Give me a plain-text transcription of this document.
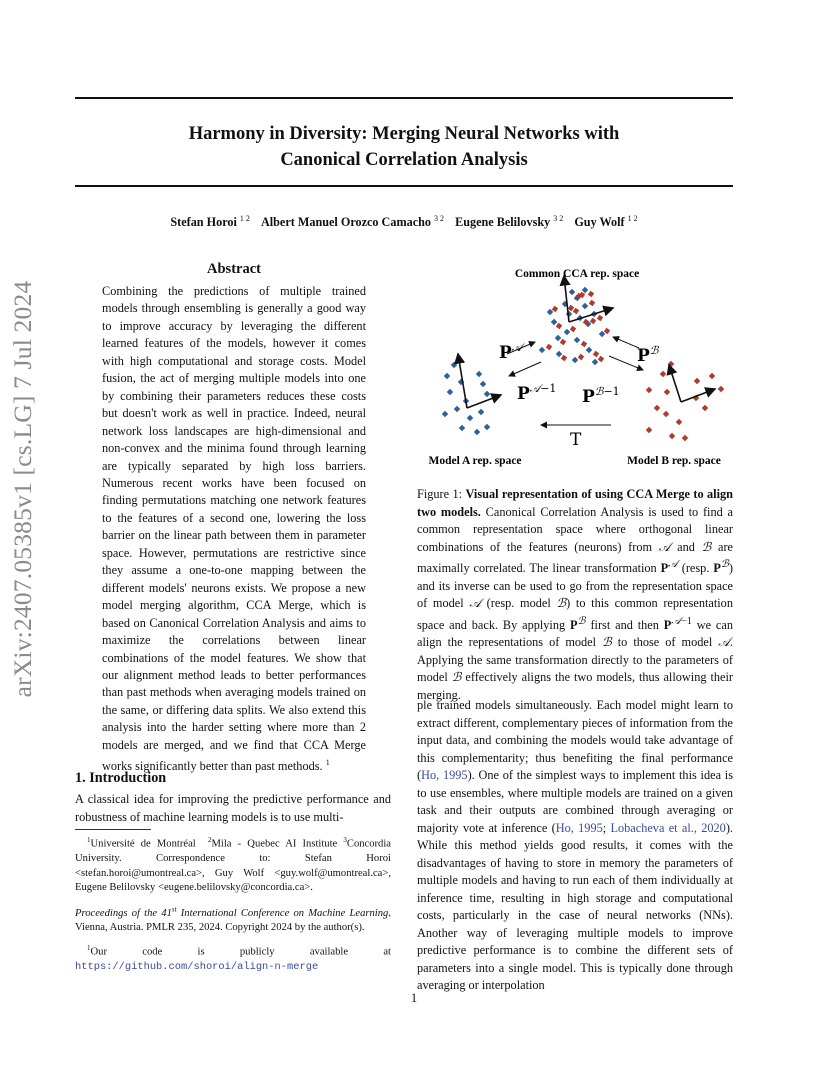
Harmony in Diversity: Merging Neural Networks with
Canonical Correlation Analysis
Stefan Horoi $^{1 2}$ Albert Manuel Orozco Camacho $^{3 2}$ Eugene Belilovsky $^{3 2}$ Guy Wolf $^{1 2}$
arXiv:2407.05385v1 [cs.LG] 7 Jul 2024
Abstract
Combining the predictions of multiple trained models through ensembling is generally a good way to improve accuracy by leveraging the different learned features of the models, however it comes with high computational and storage costs. Model fusion, the act of merging multiple models into one by combining their parameters reduces these costs but doesn't work as well in practice. Indeed, neural network loss landscapes are high-dimensional and non-convex and the minima found through learning are typically separated by high loss barriers. Numerous recent works have been focused on finding permutations matching one network features to the features of a second one, lowering the loss barrier on the linear path between them in parameter space. However, permutations are restrictive since they assume a one-to-one mapping between the different models' neurons exists. We propose a new model merging algorithm, CCA Merge, which is based on Canonical Correlation Analysis and aims to maximize the correlations between linear combinations of the model features. We show that our alignment method leads to better performances than past methods when averaging models trained on the same, or differing data splits. We also extend this analysis into the harder setting where more than 2 models are merged, and we find that CCA Merge works significantly better than past methods. $^1$
1. Introduction
A classical idea for improving the predictive performance and robustness of machine learning models is to use multi-
$^1$Université de Montréal $^2$Mila - Quebec AI Institute $^3$Concordia University. Correspondence to: Stefan Horoi <stefan.horoi@umontreal.ca>, Guy Wolf <guy.wolf@umontreal.ca>, Eugene Belilovsky <eugene.belilovsky@concordia.ca>.
Proceedings of the 41st International Conference on Machine Learning, Vienna, Austria. PMLR 235, 2024. Copyright 2024 by the author(s).
$^1$Our code is publicly available at https://github.com/shoroi/align-n-merge
$P^𝒜$
$P^{𝒜-1}$
$P^ℬ$
$P^{ℬ-1}$
T
Common CCA rep. space
Model A rep. space	Model B rep. space
Figure 1: Visual representation of using CCA Merge to align two models. Canonical Correlation Analysis is used to find a common representation space where orthogonal linear combinations of the features (neurons) from 𝒜 and ℬ are maximally correlated. The linear transformation $P^𝒜$ (resp. $P^ℬ$) and its inverse can be used to go from the representation space of model 𝒜 (resp. model ℬ) to this common representation space and back. By applying $P^ℬ$ first and then $P^{𝒜-1}$ we can align the representations of model ℬ to those of model 𝒜. Applying the same transformation directly to the parameters of model ℬ effectively aligns the two models, thus allowing their merging.
ple trained models simultaneously. Each model might learn to extract different, complementary pieces of information from the input data, and combining the models would take advantage of this complementarity; thus benefiting the final performance (Ho, 1995). One of the simplest ways to implement this idea is to use ensembles, where multiple models are trained on a given task and their outputs are combined through averaging or majority vote at inference (Ho, 1995; Lobacheva et al., 2020). While this method yields good results, it comes with the disadvantages of having to store in memory the parameters of multiple models and having to run each of them individually at inference time, resulting in high storage and computational costs, particularly in the case of neural networks (NNs). Another way of leveraging multiple models to improve predictive performance is to combine the different sets of parameters into a single model. This is typically done through averaging or interpolation
1
